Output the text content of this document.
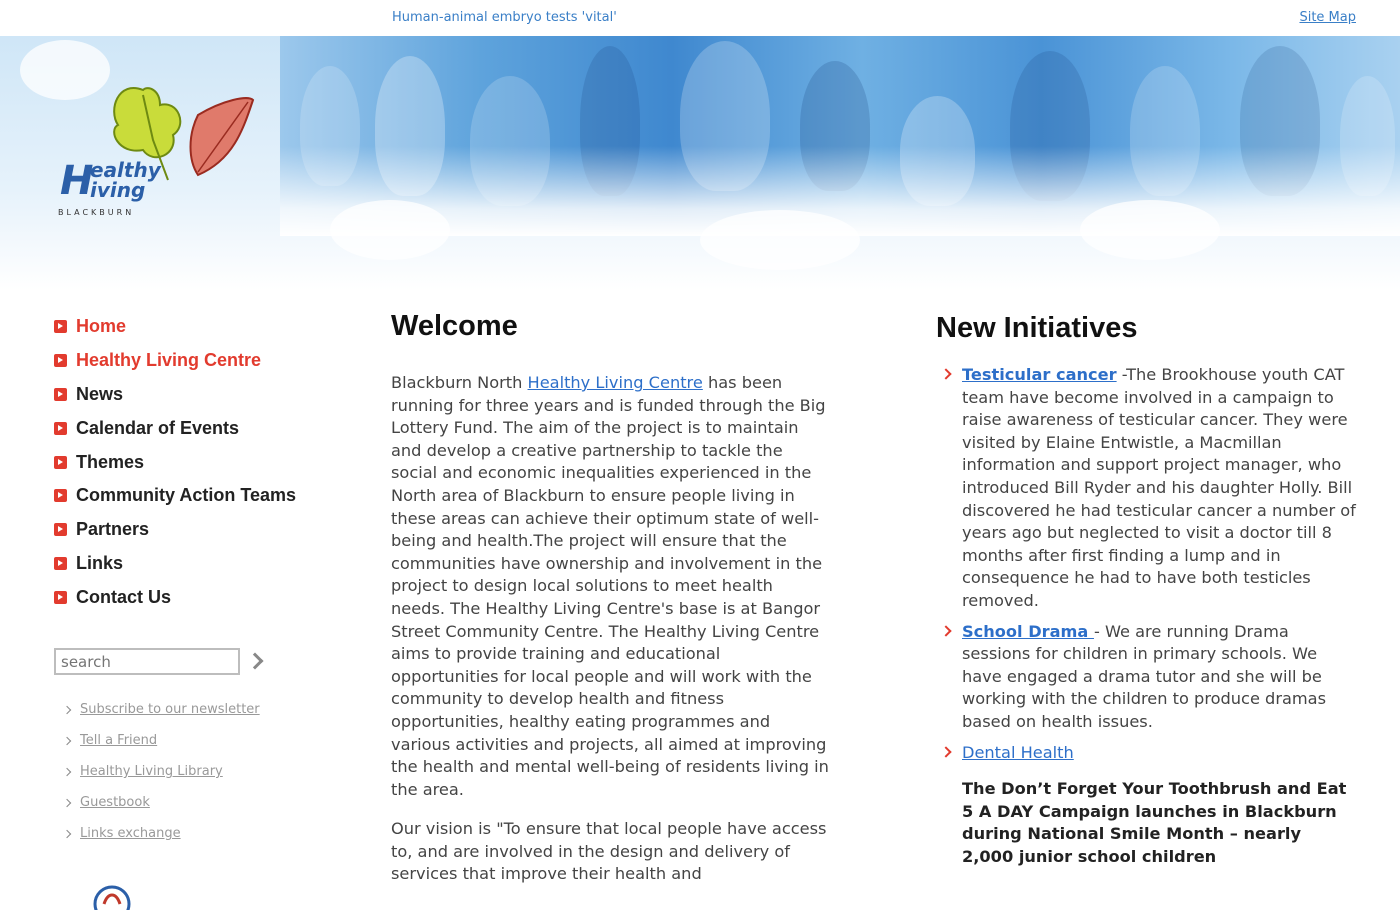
Human-animal embryo tests 'vital'	Site Map
H
ealthy
iving
BLACKBURN
Home
Healthy Living Centre
News
Calendar of Events
Themes
Community Action Teams
Partners
Links
Contact Us
search
Subscribe to our newsletter
Tell a Friend
Healthy Living Library
Guestbook
Links exchange
Welcome

Blackburn North Healthy Living Centre has been running for three years and is funded through the Big Lottery Fund. The aim of the project is to maintain and develop a creative partnership to tackle the social and economic inequalities experienced in the North area of Blackburn to ensure people living in these areas can achieve their optimum state of well-being and health.The project will ensure that the communities have ownership and involvement in the project to design local solutions to meet health needs. The Healthy Living Centre's base is at Bangor Street Community Centre. The Healthy Living Centre aims to provide training and educational opportunities for local people and will work with the community to develop health and fitness opportunities, healthy eating programmes and various activities and projects, all aimed at improving the health and mental well-being of residents living in the area.

Our vision is "To ensure that local people have access to, and are involved in the design and delivery of services that improve their health and

New Initiatives
Testicular cancer -The Brookhouse youth CAT team have become involved in a campaign to raise awareness of testicular cancer. They were visited by Elaine Entwistle, a Macmillan information and support project manager, who introduced Bill Ryder and his daughter Holly. Bill discovered he had testicular cancer a number of years ago but neglected to visit a doctor till 8 months after first finding a lump and in consequence he had to have both testicles removed.
School Drama - We are running Drama sessions for children in primary schools. We have engaged a drama tutor and she will be working with the children to produce dramas based on health issues.
Dental Health

The Don’t Forget Your Toothbrush and Eat 5 A DAY Campaign launches in Blackburn during National Smile Month – nearly 2,000 junior school children
